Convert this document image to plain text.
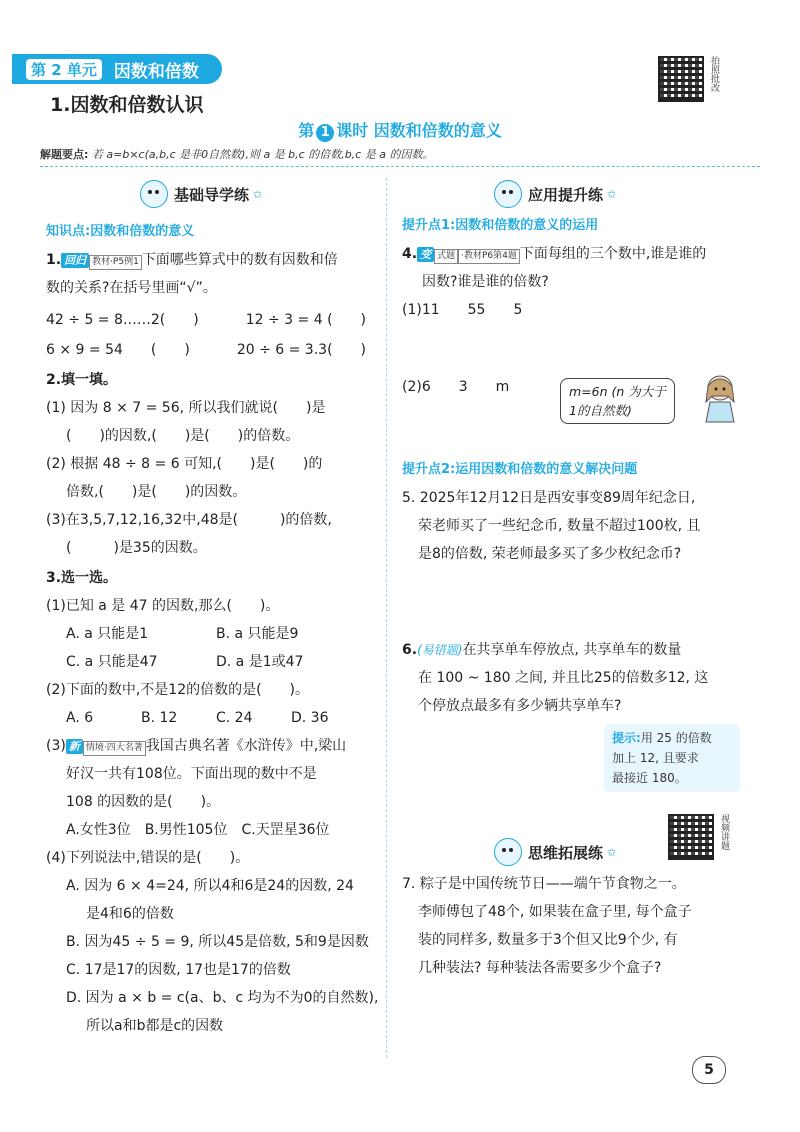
第 2 单元 因数和倍数
1.因数和倍数认识
拍照批改
第 1 课时 因数和倍数的意义
解题要点: 若 a=b×c(a,b,c 是非0自然数),则 a 是 b,c 的倍数,b,c 是 a 的因数。
基础导学练 ✩
知识点:因数和倍数的意义
1. 回归 教材·P5例1 下面哪些算式中的数有因数和倍
数的关系?在括号里画“√”。
42 ÷ 5 = 8……2(　　)	12 ÷ 3 = 4 (　　)
6 × 9 = 54　　(　　)	20 ÷ 6 = 3.3(　　)
2.填一填。
(1) 因为 8 × 7 = 56, 所以我们就说(　　)是
(　　)的因数,(　　)是(　　)的倍数。
(2) 根据 48 ÷ 8 = 6 可知,(　　)是(　　)的
倍数,(　　)是(　　)的因数。
(3)在3,5,7,12,16,32中,48是(　　　)的倍数,
(　　　)是35的因数。
3.选一选。
(1)已知 a 是 47 的因数,那么(　　)。
A. a 只能是1	B. a 只能是9
C. a 只能是47	D. a 是1或47
(2)下面的数中,不是12的倍数的是(　　)。
A. 6	B. 12	C. 24	D. 36
(3) 新 情境·四大名著 我国古典名著《水浒传》中,梁山
好汉一共有108位。下面出现的数中不是
108 的因数的是(　　)。
A.女性3位　B.男性105位　C.天罡星36位
(4)下列说法中,错误的是(　　)。
A. 因为 6 × 4=24, 所以4和6是24的因数, 24
是4和6的倍数
B. 因为45 ÷ 5 = 9, 所以45是倍数, 5和9是因数
C. 17是17的因数, 17也是17的倍数
D. 因为 a × b = c(a、b、c 均为不为0的自然数),
所以a和b都是c的因数
应用提升练 ✩
提升点1:因数和倍数的意义的运用
4. 变 式题 ·教材P6第4题 下面每组的三个数中,谁是谁的
因数?谁是谁的倍数?
(1)11　　55　　5
(2)6　　3　　m	m=6n (n 为大于
1的自然数)
提升点2:运用因数和倍数的意义解决问题
5. 2025年12月12日是西安事变89周年纪念日,
荣老师买了一些纪念币, 数量不超过100枚, 且
是8的倍数, 荣老师最多买了多少枚纪念币?
6.(易错题)在共享单车停放点, 共享单车的数量
在 100 ~ 180 之间, 并且比25的倍数多12, 这
个停放点最多有多少辆共享单车?
提示:用 25 的倍数
加上 12, 且要求
最接近 180。
思维拓展练 ✩
视频讲题
7. 粽子是中国传统节日——端午节食物之一。
李师傅包了48个, 如果装在盒子里, 每个盒子
装的同样多, 数量多于3个但又比9个少, 有
几种装法? 每种装法各需要多少个盒子?
5
